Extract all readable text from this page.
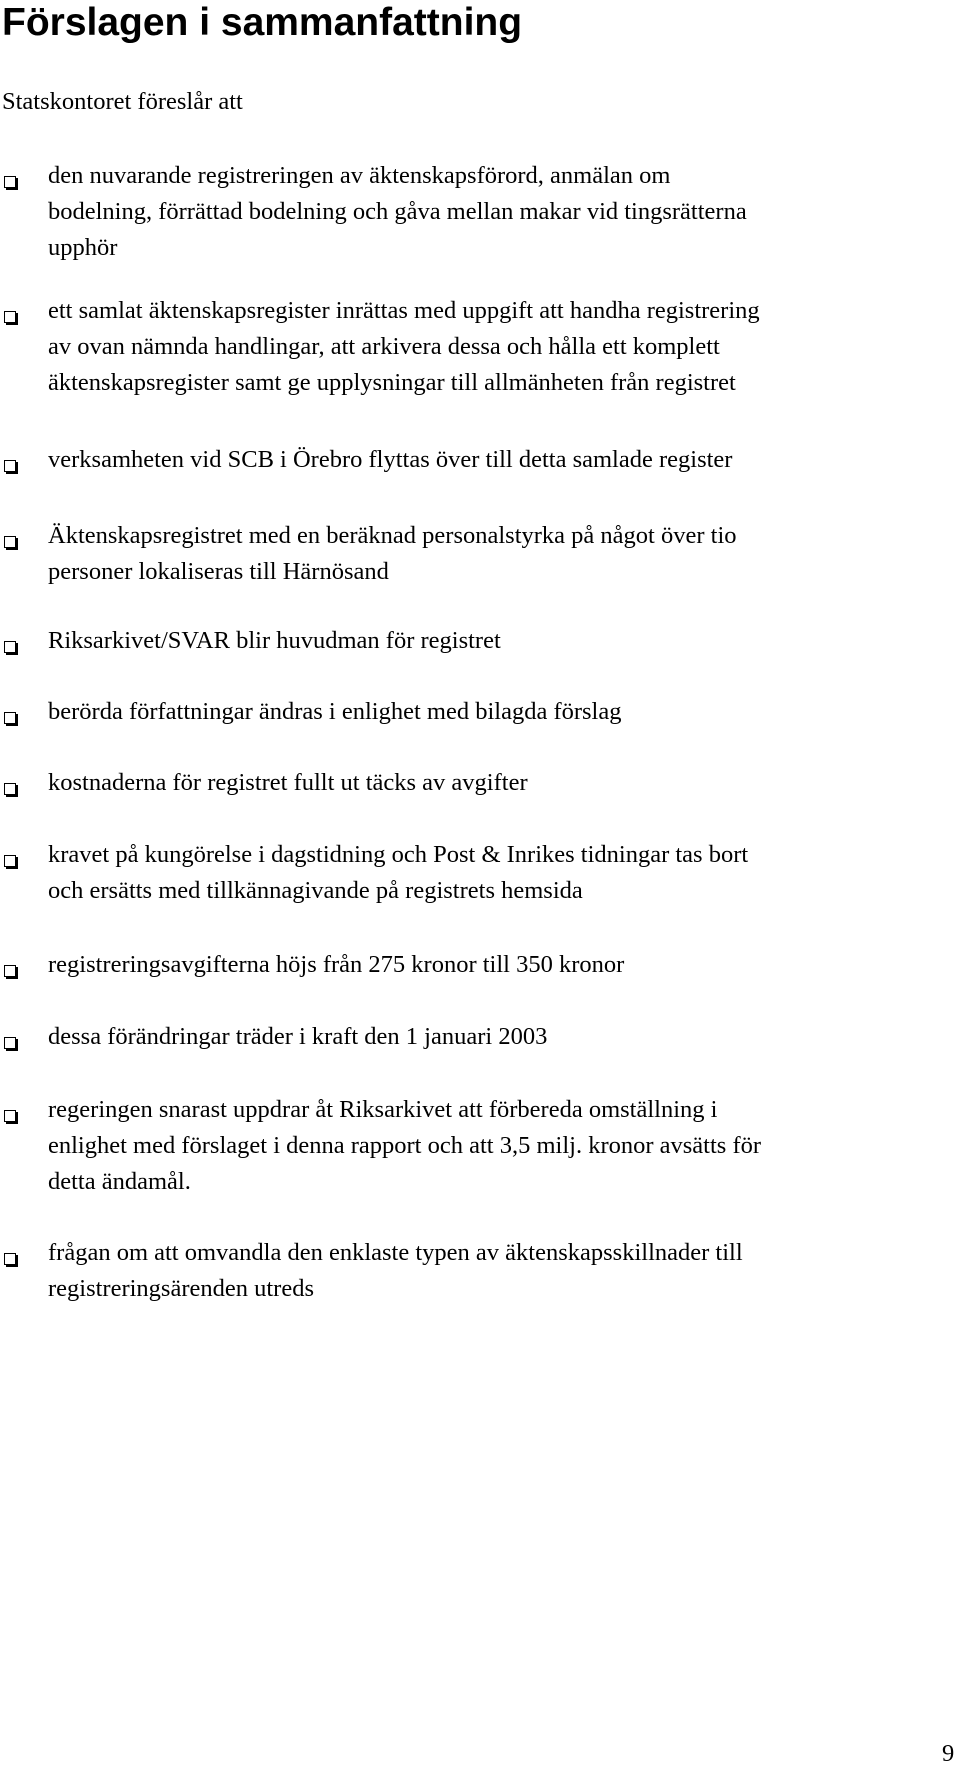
Förslagen i sammanfattning

Statskontoret föreslår att

den nuvarande registreringen av äktenskapsförord, anmälan om
bodelning, förrättad bodelning och gåva mellan makar vid tingsrätterna
upphör

ett samlat äktenskapsregister inrättas med uppgift att handha registrering
av ovan nämnda handlingar, att arkivera dessa och hålla ett komplett
äktenskapsregister samt ge upplysningar till allmänheten från registret

verksamheten vid SCB i Örebro flyttas över till detta samlade register

Äktenskapsregistret med en beräknad personalstyrka på något över tio
personer lokaliseras till Härnösand

Riksarkivet/SVAR blir huvudman för registret

berörda författningar ändras i enlighet med bilagda förslag

kostnaderna för registret fullt ut täcks av avgifter

kravet på kungörelse i dagstidning och Post & Inrikes tidningar tas bort
och ersätts med tillkännagivande på registrets hemsida

registreringsavgifterna höjs från 275 kronor till 350 kronor

dessa förändringar träder i kraft den 1 januari 2003

regeringen snarast uppdrar åt Riksarkivet att förbereda omställning i
enlighet med förslaget i denna rapport och att 3,5 milj. kronor avsätts för
detta ändamål.

frågan om att omvandla den enklaste typen av äktenskapsskillnader till
registreringsärenden utreds

9
